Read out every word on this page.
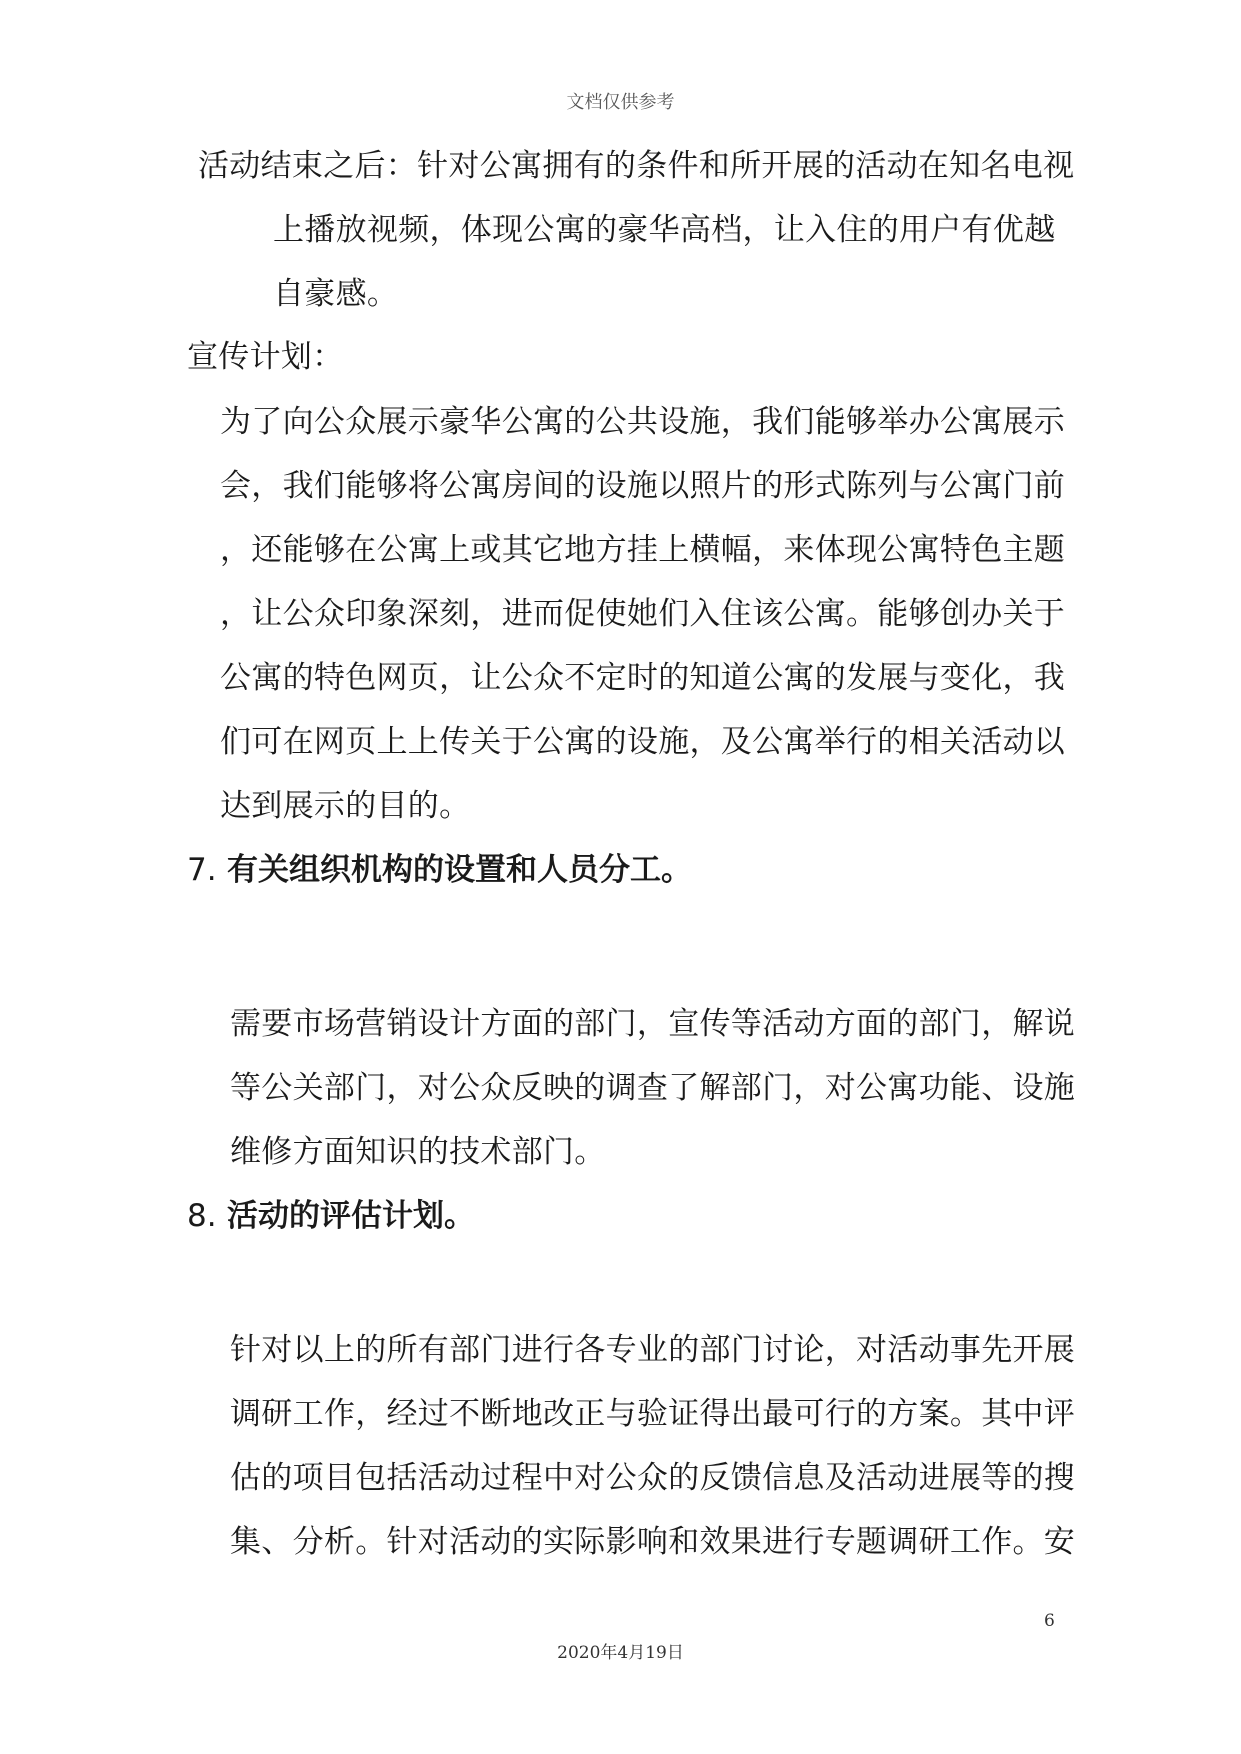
文档仅供参考
活动结束之后：针对公寓拥有的条件和所开展的活动在知名电视
上播放视频，体现公寓的豪华高档，让入住的用户有优越
自豪感。
宣传计划：
为了向公众展示豪华公寓的公共设施，我们能够举办公寓展示
会，我们能够将公寓房间的设施以照片的形式陈列与公寓门前
，还能够在公寓上或其它地方挂上横幅，来体现公寓特色主题
，让公众印象深刻，进而促使她们入住该公寓。能够创办关于
公寓的特色网页，让公众不定时的知道公寓的发展与变化，我
们可在网页上上传关于公寓的设施，及公寓举行的相关活动以
达到展示的目的。
7. 有关组织机构的设置和人员分工。
需要市场营销设计方面的部门，宣传等活动方面的部门，解说
等公关部门，对公众反映的调查了解部门，对公寓功能、设施
维修方面知识的技术部门。
8. 活动的评估计划。
针对以上的所有部门进行各专业的部门讨论，对活动事先开展
调研工作，经过不断地改正与验证得出最可行的方案。其中评
估的项目包括活动过程中对公众的反馈信息及活动进展等的搜
集、分析。针对活动的实际影响和效果进行专题调研工作。安
6
2020年4月19日
